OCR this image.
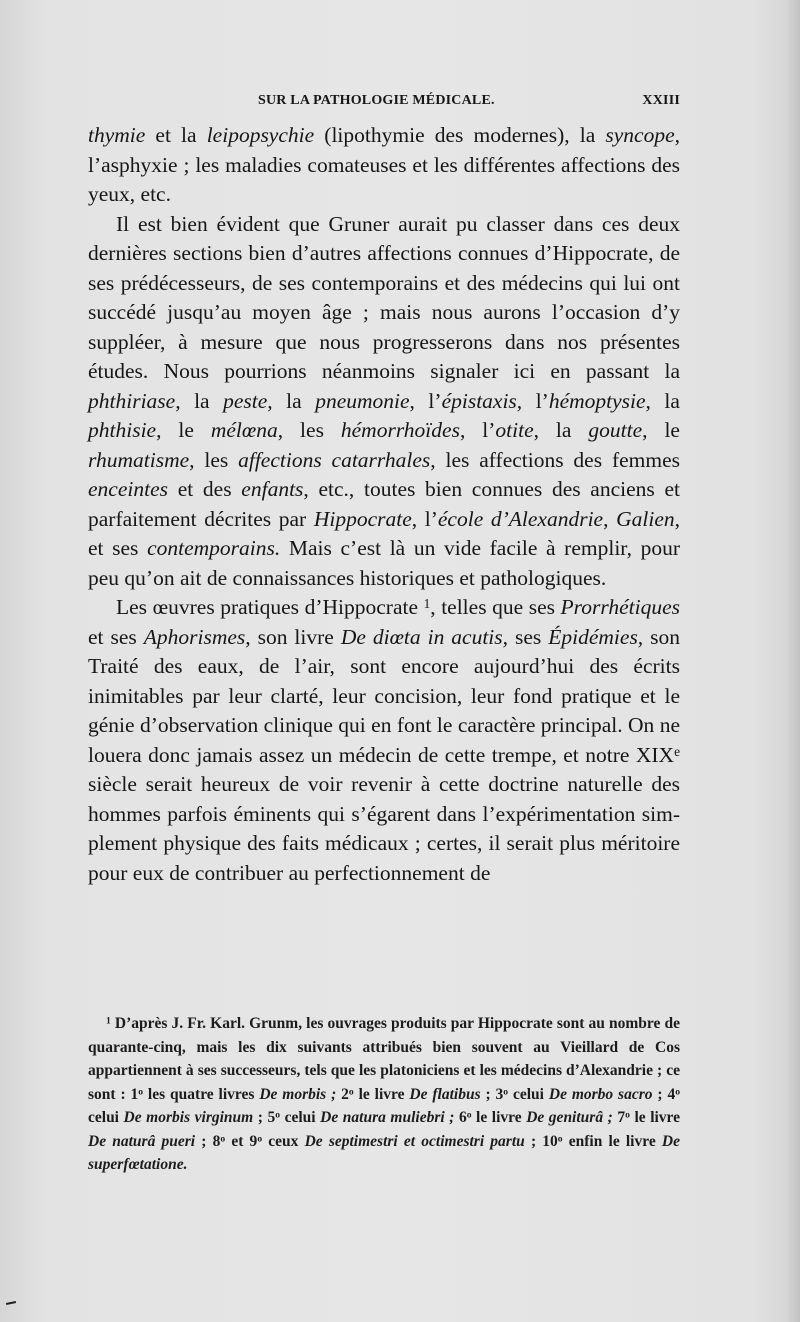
SUR LA PATHOLOGIE MÉDICALE.	XXIII

thymie et la leipopsychie (lipothymie des modernes), la syncope, l’asphyxie ; les maladies comateuses et les différentes affections des yeux, etc.

Il est bien évident que Gruner aurait pu classer dans ces deux dernières sections bien d’autres affections connues d’Hippocrate, de ses prédécesseurs, de ses contemporains et des médecins qui lui ont succédé jusqu’au moyen âge ; mais nous aurons l’occasion d’y suppléer, à mesure que nous progresserons dans nos présentes études. Nous pourrions néanmoins signaler ici en passant la phthiriase, la peste, la pneumonie, l’épistaxis, l’hémoptysie, la phthisie, le mélœna, les hémorrhoïdes, l’otite, la goutte, le rhumatisme, les affections catarrhales, les affections des femmes enceintes et des enfants, etc., toutes bien connues des anciens et parfaitement décrites par Hippocrate, l’école d’Alexandrie, Galien, et ses contemporains. Mais c’est là un vide facile à remplir, pour peu qu’on ait de connaissances historiques et pathologiques.

Les œuvres pratiques d’Hippocrate $^1$, telles que ses Prorrhétiques et ses Aphorismes, son livre De diœta in acutis, ses Épidémies, son Traité des eaux, de l’air, sont encore aujourd’hui des écrits inimitables par leur clarté, leur concision, leur fond pratique et le génie d’observation clinique qui en font le caractère principal. On ne louera donc jamais assez un médecin de cette trempe, et notre XIXe siècle serait heureux de voir revenir à cette doctrine naturelle des hommes parfois éminents qui s’égarent dans l’expérimentation simplement physique des faits médicaux ; certes, il serait plus méritoire pour eux de contribuer au perfectionnement de

$^1$ D’après J. Fr. Karl. Grunm, les ouvrages produits par Hippocrate sont au nombre de quarante-cinq, mais les dix suivants attribués bien souvent au Vieillard de Cos appartiennent à ses successeurs, tels que les platoniciens et les médecins d’Alexandrie ; ce sont : 1$^o$ les quatre livres De morbis ; 2$^o$ le livre De flatibus ; 3$^o$ celui De morbo sacro ; 4$^o$ celui De morbis virginum ; 5$^o$ celui De natura muliebri ; 6$^o$ le livre De geniturâ ; 7$^o$ le livre De naturâ pueri ; 8$^o$ et 9$^o$ ceux De septimestri et octimestri partu ; 10$^o$ enfin le livre De superfœtatione.
